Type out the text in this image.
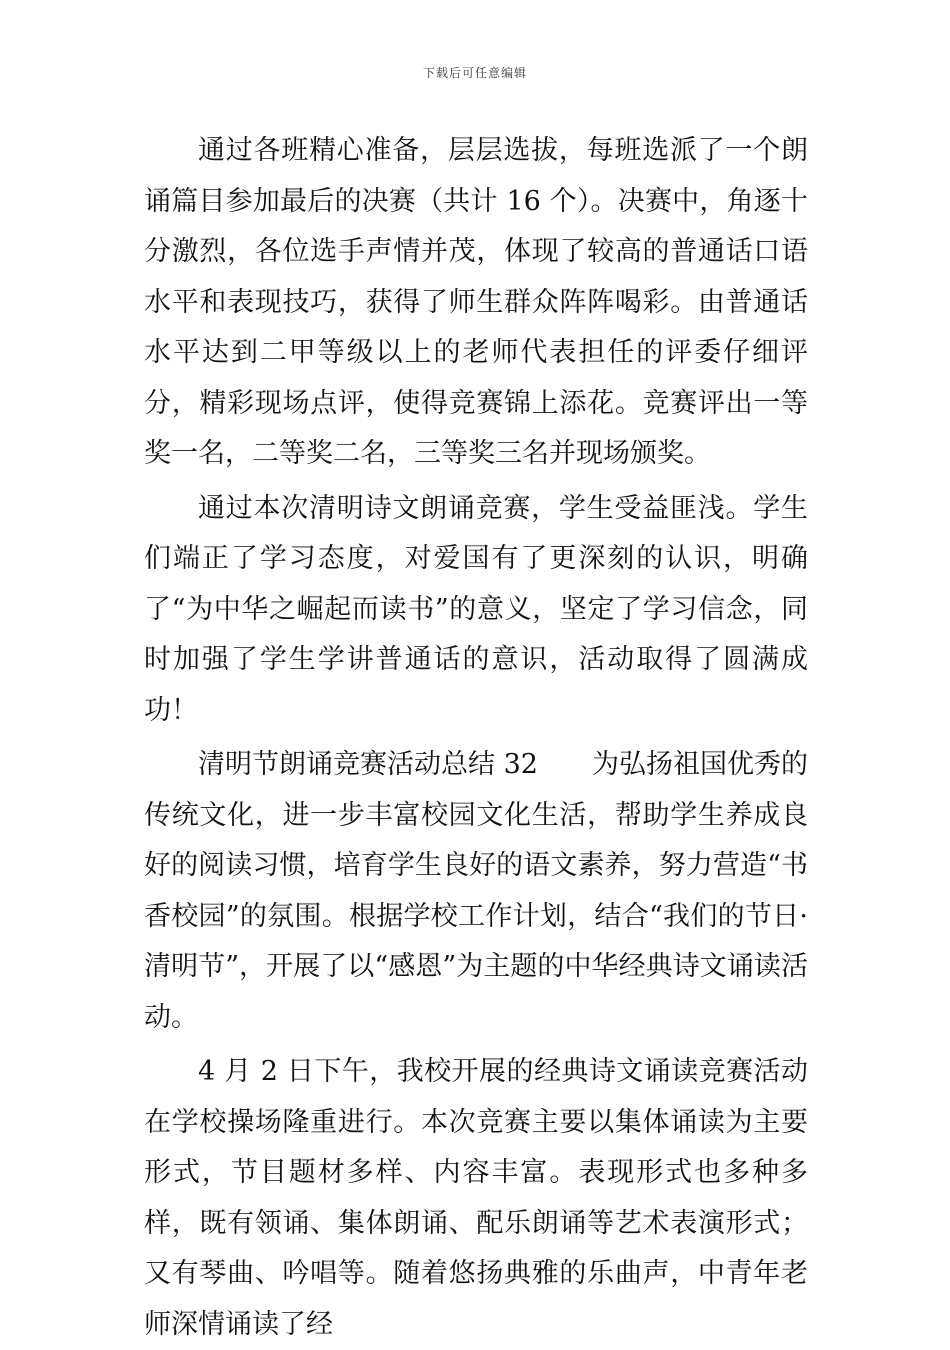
下载后可任意编辑

通过各班精心准备，层层选拔，每班选派了一个朗诵篇目参加最后的决赛（共计 16 个）。决赛中，角逐十分激烈，各位选手声情并茂，体现了较高的普通话口语水平和表现技巧，获得了师生群众阵阵喝彩。由普通话水平达到二甲等级以上的老师代表担任的评委仔细评分，精彩现场点评，使得竞赛锦上添花。竞赛评出一等奖一名，二等奖二名，三等奖三名并现场颁奖。

通过本次清明诗文朗诵竞赛，学生受益匪浅。学生们端正了学习态度，对爱国有了更深刻的认识，明确了“为中华之崛起而读书”的意义，坚定了学习信念，同时加强了学生学讲普通话的意识，活动取得了圆满成功！

清明节朗诵竞赛活动总结 32　　为弘扬祖国优秀的传统文化，进一步丰富校园文化生活，帮助学生养成良好的阅读习惯，培育学生良好的语文素养，努力营造“书香校园”的氛围。根据学校工作计划，结合“我们的节日·清明节”，开展了以“感恩”为主题的中华经典诗文诵读活动。

4 月 2 日下午，我校开展的经典诗文诵读竞赛活动在学校操场隆重进行。本次竞赛主要以集体诵读为主要形式，节目题材多样、内容丰富。表现形式也多种多样，既有领诵、集体朗诵、配乐朗诵等艺术表演形式；又有琴曲、吟唱等。随着悠扬典雅的乐曲声，中青年老师深情诵读了经
